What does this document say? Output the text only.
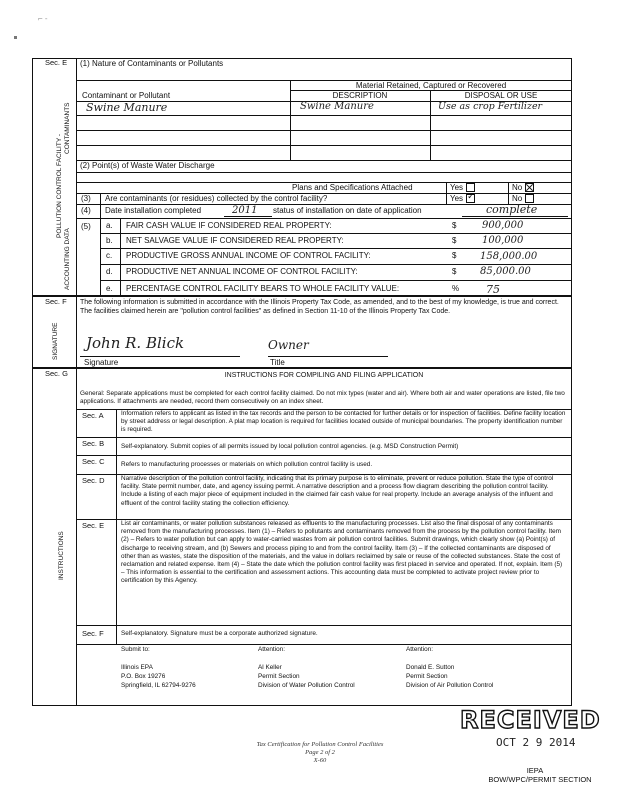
⌐ -
Sec. E
POLLUTION CONTROL FACILITY -
CONTAMINANTS
ACCOUNTING DATA
(1) Nature of Contaminants or Pollutants
Material Retained, Captured or Recovered
Contaminant or Pollutant	DESCRIPTION	DISPOSAL OR USE
Swine Manure	Swine Manure	Use as crop Fertilizer
(2) Point(s) of Waste Water Discharge
Plans and Specifications Attached	Yes	No
(3) Are contaminants (or residues) collected by the control facility?	Yes✓	No
(4) Date installation completed	2011 status of installation on date of application	complete
(5) a. FAIR CASH VALUE IF CONSIDERED REAL PROPERTY:	$	900,000
b. NET SALVAGE VALUE IF CONSIDERED REAL PROPERTY:	$	100,000
c. PRODUCTIVE GROSS ANNUAL INCOME OF CONTROL FACILITY:	$ 158,000.00
d. PRODUCTIVE NET ANNUAL INCOME OF CONTROL FACILITY:	$ 85,000.00
e. PERCENTAGE CONTROL FACILITY BEARS TO WHOLE FACILITY VALUE:	% 75
Sec. F
SIGNATURE
The following information is submitted in accordance with the Illinois Property Tax Code, as amended, and to the best of my knowledge, is true and correct. The facilities claimed herein are "pollution control facilities" as defined in Section 11-10 of the Illinois Property Tax Code.
John R. Blick	Owner
Signature	Title
Sec. G
INSTRUCTIONS
INSTRUCTIONS FOR COMPILING AND FILING APPLICATION
General: Separate applications must be completed for each control facility claimed. Do not mix types (water and air). Where both air and water operations are listed, file two applications. If attachments are needed, record them consecutively on an index sheet.
Sec. A	Information refers to applicant as listed in the tax records and the person to be contacted for further details or for inspection of facilities. Define facility location by street address or legal description. A plat map location is required for facilities located outside of municipal boundaries. The property identification number is required.
Sec. B	Self-explanatory. Submit copies of all permits issued by local pollution control agencies. (e.g. MSD Construction Permit)
Sec. C	Refers to manufacturing processes or materials on which pollution control facility is used.
Sec. D	Narrative description of the pollution control facility, indicating that its primary purpose is to eliminate, prevent or reduce pollution. State the type of control facility. State permit number, date, and agency issuing permit. A narrative description and a process flow diagram describing the pollution control facility. Include a listing of each major piece of equipment included in the claimed fair cash value for real property. Include an average analysis of the influent and effluent of the control facility stating the collection efficiency.
Sec. E	List air contaminants, or water pollution substances released as effluents to the manufacturing processes. List also the final disposal of any contaminants removed from the manufacturing processes. Item (1) – Refers to pollutants and contaminants removed from the process by the pollution control facility. Item (2) – Refers to water pollution but can apply to water-carried wastes from air pollution control facilities. Submit drawings, which clearly show (a) Point(s) of discharge to receiving stream, and (b) Sewers and process piping to and from the control facility. Item (3) – If the collected contaminants are disposed of other than as wastes, state the disposition of the materials, and the value in dollars reclaimed by sale or reuse of the collected substances. State the cost of reclamation and related expense. Item (4) – State the date which the pollution control facility was first placed in service and operated. If not, explain. Item (5) – This information is essential to the certification and assessment actions. This accounting data must be completed to activate project review prior to certification by this Agency.
Sec. F	Self-explanatory. Signature must be a corporate authorized signature.
Submit to:	Attention:	Attention:
Illinois EPA
P.O. Box 19276
Springfield, IL 62794-9276
Al Keller
Permit Section
Division of Water Pollution Control
Donald E. Sutton
Permit Section
Division of Air Pollution Control
Tax Certification for Pollution Control Facilities
Page 2 of 2
X-60
RECEIVED
OCT 2 9 2014
IEPA
BOW/WPC/PERMIT SECTION
